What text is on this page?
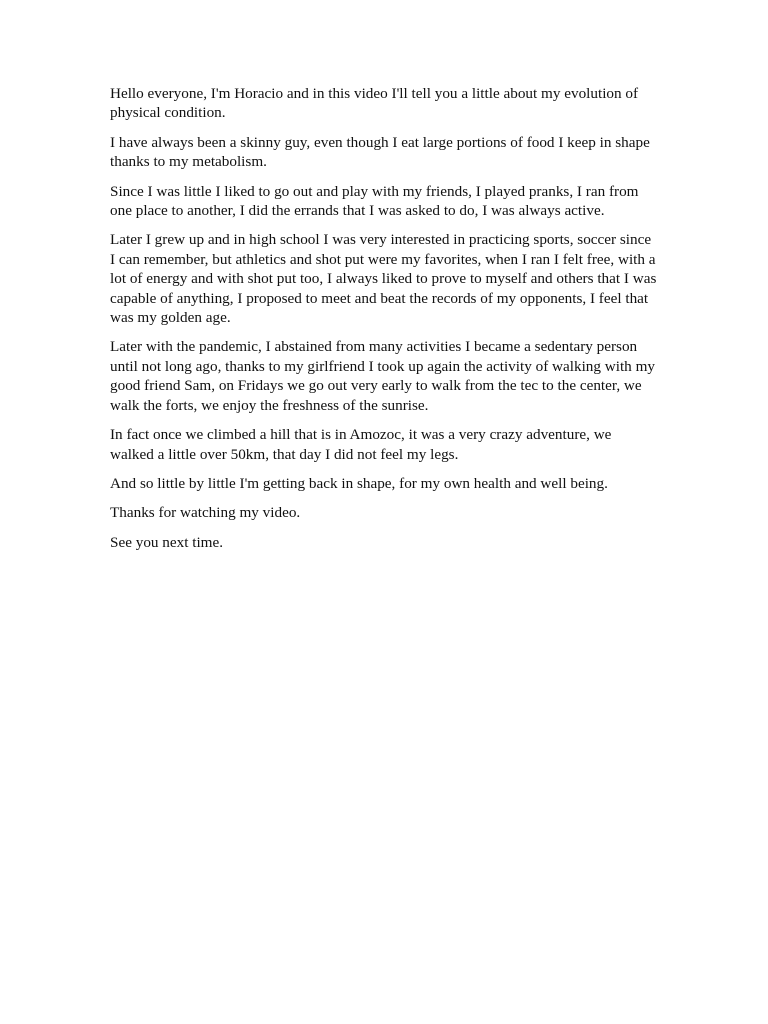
Hello everyone, I'm Horacio and in this video I'll tell you a little about my evolution of physical condition.

I have always been a skinny guy, even though I eat large portions of food I keep in shape thanks to my metabolism.

Since I was little I liked to go out and play with my friends, I played pranks, I ran from one place to another, I did the errands that I was asked to do, I was always active.

Later I grew up and in high school I was very interested in practicing sports, soccer since I can remember, but athletics and shot put were my favorites, when I ran I felt free, with a lot of energy and with shot put too, I always liked to prove to myself and others that I was capable of anything, I proposed to meet and beat the records of my opponents, I feel that was my golden age.

Later with the pandemic, I abstained from many activities I became a sedentary person until not long ago, thanks to my girlfriend I took up again the activity of walking with my good friend Sam, on Fridays we go out very early to walk from the tec to the center, we walk the forts, we enjoy the freshness of the sunrise.

In fact once we climbed a hill that is in Amozoc, it was a very crazy adventure, we walked a little over 50km, that day I did not feel my legs.

And so little by little I'm getting back in shape, for my own health and well being.

Thanks for watching my video.

See you next time.
